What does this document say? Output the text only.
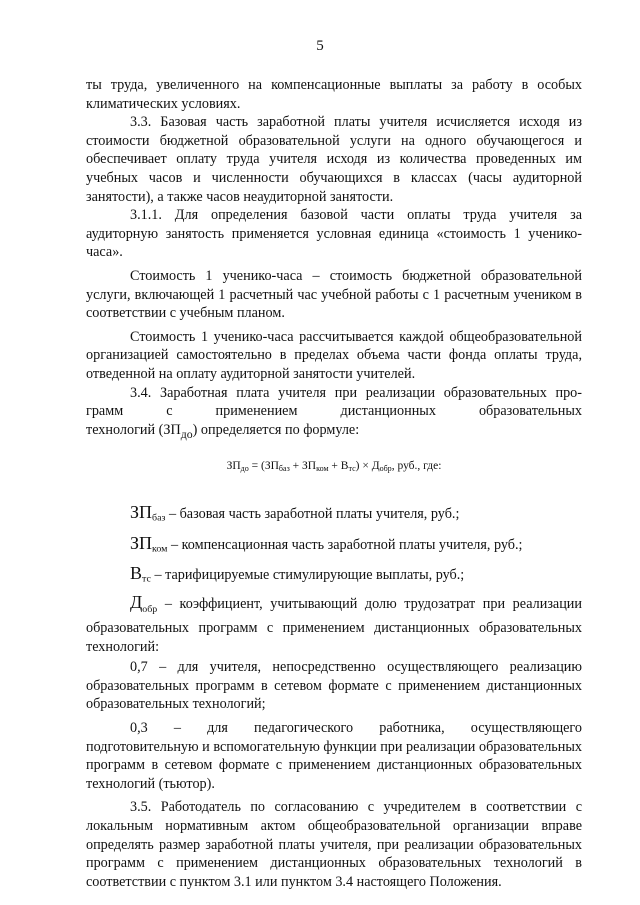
5

ты труда, увеличенного на компенсационные выплаты за работу в особых климатических условиях.

3.3. Базовая часть заработной платы учителя исчисляется исходя из стоимости бюджетной образовательной услуги на одного обучающегося и обеспечивает оплату труда учителя исходя из количества проведенных им учебных часов и численности обучающихся в классах (часы аудиторной занятости), а также часов неаудиторной занятости.

3.1.1. Для определения базовой части оплаты труда учителя за аудиторную занятость применяется условная единица «стоимость 1 ученико-часа».

Стоимость 1 ученико-часа – стоимость бюджетной образовательной услуги, включающей 1 расчетный час учебной работы с 1 расчетным учеником в соответствии с учебным планом.

Стоимость 1 ученико-часа рассчитывается каждой общеобразовательной организацией самостоятельно в пределах объема части фонда оплаты труда, отведенной на оплату аудиторной занятости учителей.

3.4. Заработная плата учителя при реализации образовательных про-

грамм с применением дистанционных образовательных

технологий $(ЗП_{до})$ определяется по формуле:

$ЗП_{до} = (ЗП_{баз} + ЗП_{ком} + В_{тс}) \times Д_{обр}$, руб., где:

$ЗП_{баз}$ – базовая часть заработной платы учителя, руб.;

$ЗП_{ком}$ – компенсационная часть заработной платы учителя, руб.;

$В_{тс}$ – тарифицируемые стимулирующие выплаты, руб.;

$Д_{обр}$ – коэффициент, учитывающий долю трудозатрат при реализации образовательных программ с применением дистанционных образовательных технологий:

0,7 – для учителя, непосредственно осуществляющего реализацию образовательных программ в сетевом формате с применением дистанционных образовательных технологий;

0,3 – для педагогического работника, осуществляющего подготовительную и вспомогательную функции при реализации образовательных программ в сетевом формате с применением дистанционных образовательных технологий (тьютор).

3.5. Работодатель по согласованию с учредителем в соответствии с локальным нормативным актом общеобразовательной организации вправе определять размер заработной платы учителя, при реализации образовательных программ с применением дистанционных образовательных технологий в соответствии с пунктом 3.1 или пунктом 3.4 настоящего Положения.
